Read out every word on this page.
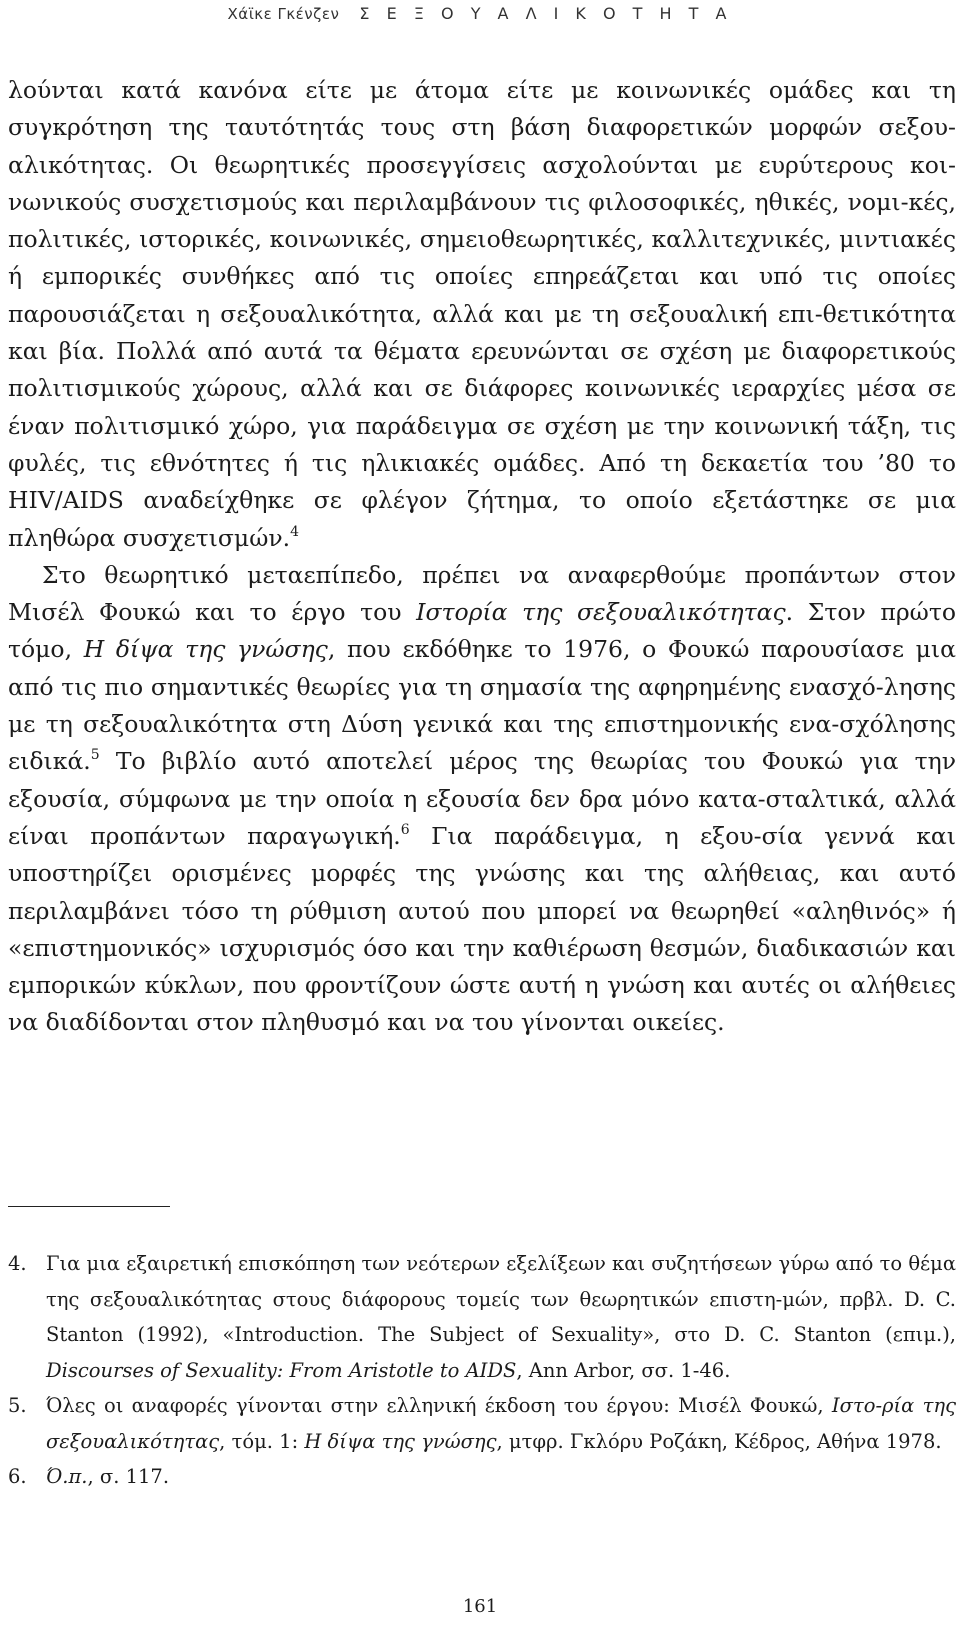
Χάϊκε Γκένζεν Σ Ε Ξ Ο Υ Α Λ Ι Κ Ο Τ Η Τ Α

λούνται κατά κανόνα είτε με άτομα είτε με κοινωνικές ομάδες και τη συγκρότηση της ταυτότητάς τους στη βάση διαφορετικών μορφών σεξου-αλικότητας. Οι θεωρητικές προσεγγίσεις ασχολούνται με ευρύτερους κοι-νωνικούς συσχετισμούς και περιλαμβάνουν τις φιλοσοφικές, ηθικές, νομι-κές, πολιτικές, ιστορικές, κοινωνικές, σημειοθεωρητικές, καλλιτεχνικές, μιντιακές ή εμπορικές συνθήκες από τις οποίες επηρεάζεται και υπό τις οποίες παρουσιάζεται η σεξουαλικότητα, αλλά και με τη σεξουαλική επι-θετικότητα και βία. Πολλά από αυτά τα θέματα ερευνώνται σε σχέση με διαφορετικούς πολιτισμικούς χώρους, αλλά και σε διάφορες κοινωνικές ιεραρχίες μέσα σε έναν πολιτισμικό χώρο, για παράδειγμα σε σχέση με την κοινωνική τάξη, τις φυλές, τις εθνότητες ή τις ηλικιακές ομάδες. Από τη δεκαετία του ’80 το HIV/AIDS αναδείχθηκε σε φλέγον ζήτημα, το οποίο εξετάστηκε σε μια πληθώρα συσχετισμών.$^4$

Στο θεωρητικό μεταεπίπεδο, πρέπει να αναφερθούμε προπάντων στον Μισέλ Φουκώ και το έργο του Ιστορία της σεξουαλικότητας. Στον πρώτο τόμο, Η δίψα της γνώσης, που εκδόθηκε το 1976, ο Φουκώ παρουσίασε μια από τις πιο σημαντικές θεωρίες για τη σημασία της αφηρημένης ενασχό-λησης με τη σεξουαλικότητα στη Δύση γενικά και της επιστημονικής ενα-σχόλησης ειδικά.$^5$ Το βιβλίο αυτό αποτελεί μέρος της θεωρίας του Φουκώ για την εξουσία, σύμφωνα με την οποία η εξουσία δεν δρα μόνο κατα-σταλτικά, αλλά είναι προπάντων παραγωγική.$^6$ Για παράδειγμα, η εξου-σία γεννά και υποστηρίζει ορισμένες μορφές της γνώσης και της αλήθειας, και αυτό περιλαμβάνει τόσο τη ρύθμιση αυτού που μπορεί να θεωρηθεί «αληθινός» ή «επιστημονικός» ισχυρισμός όσο και την καθιέρωση θεσμών, διαδικασιών και εμπορικών κύκλων, που φροντίζουν ώστε αυτή η γνώση και αυτές οι αλήθειες να διαδίδονται στον πληθυσμό και να του γίνονται οικείες.

4. Για μια εξαιρετική επισκόπηση των νεότερων εξελίξεων και συζητήσεων γύρω από το θέμα της σεξουαλικότητας στους διάφορους τομείς των θεωρητικών επιστη-μών, πρβλ. D. C. Stanton (1992), «Introduction. The Subject of Sexuality», στο D. C. Stanton (επιμ.), Discourses of Sexuality: From Aristotle to AIDS, Ann Arbor, σσ. 1-46.

5. Όλες οι αναφορές γίνονται στην ελληνική έκδοση του έργου: Μισέλ Φουκώ, Ιστο-ρία της σεξουαλικότητας, τόμ. 1: Η δίψα της γνώσης, μτφρ. Γκλόρυ Ροζάκη, Κέδρος, Αθήνα 1978.

6. Ό.π., σ. 117.

161
